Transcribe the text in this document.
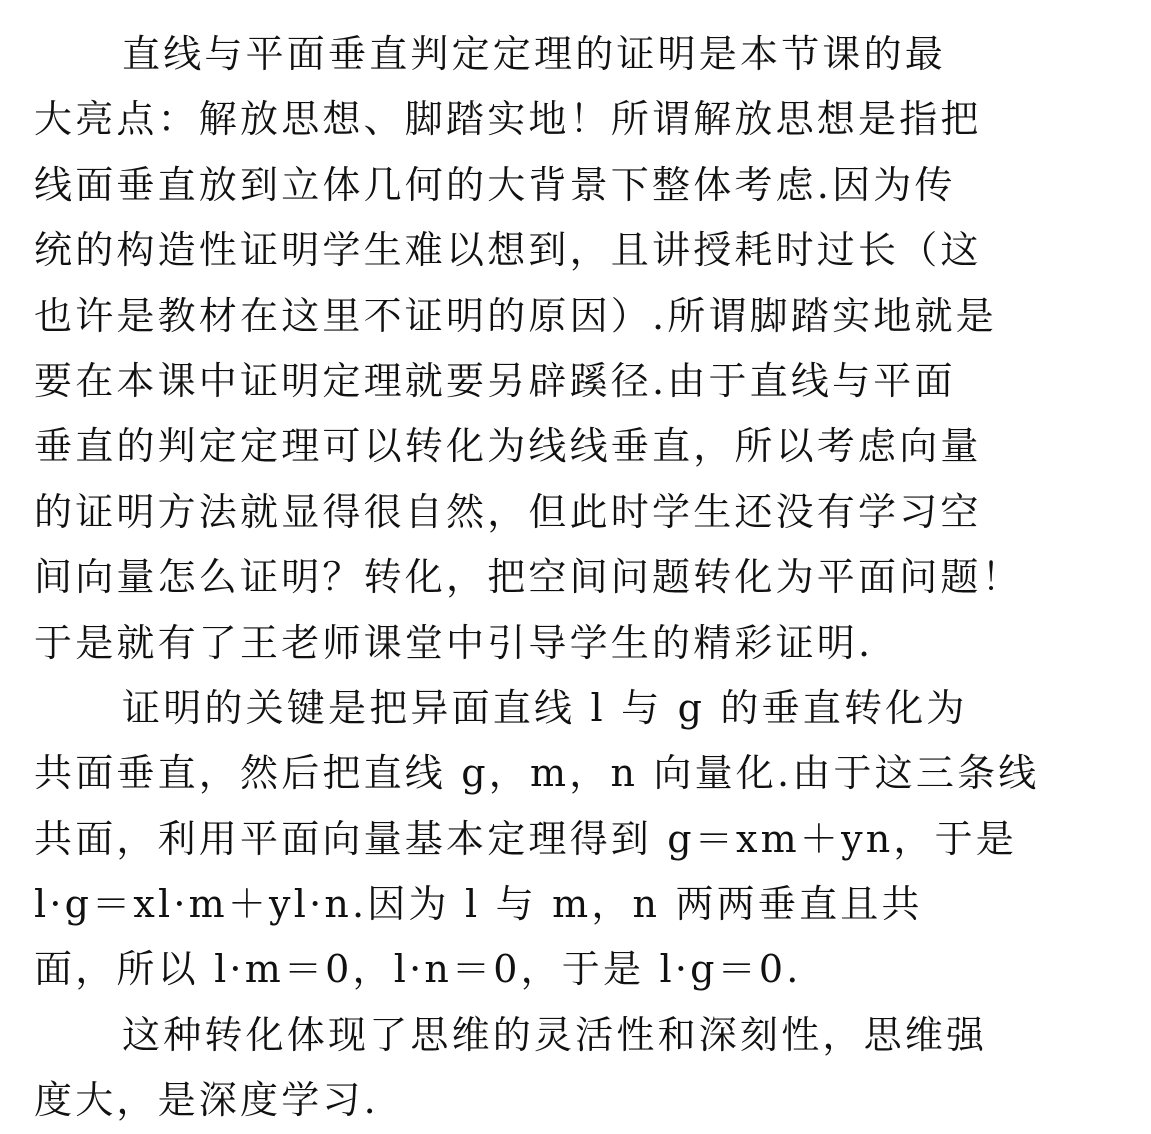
直线与平面垂直判定定理的证明是本节课的最
大亮点：解放思想、脚踏实地！所谓解放思想是指把
线面垂直放到立体几何的大背景下整体考虑.因为传
统的构造性证明学生难以想到，且讲授耗时过长（这
也许是教材在这里不证明的原因）.所谓脚踏实地就是
要在本课中证明定理就要另辟蹊径.由于直线与平面
垂直的判定定理可以转化为线线垂直，所以考虑向量
的证明方法就显得很自然，但此时学生还没有学习空
间向量怎么证明？转化，把空间问题转化为平面问题！
于是就有了王老师课堂中引导学生的精彩证明.
证明的关键是把异面直线 l 与 g 的垂直转化为
共面垂直，然后把直线 g，m，n 向量化.由于这三条线
共面，利用平面向量基本定理得到 g＝xm＋yn，于是
l·g＝xl·m＋yl·n.因为 l 与 m，n 两两垂直且共
面，所以 l·m＝0，l·n＝0，于是 l·g＝0.
这种转化体现了思维的灵活性和深刻性，思维强
度大，是深度学习.
